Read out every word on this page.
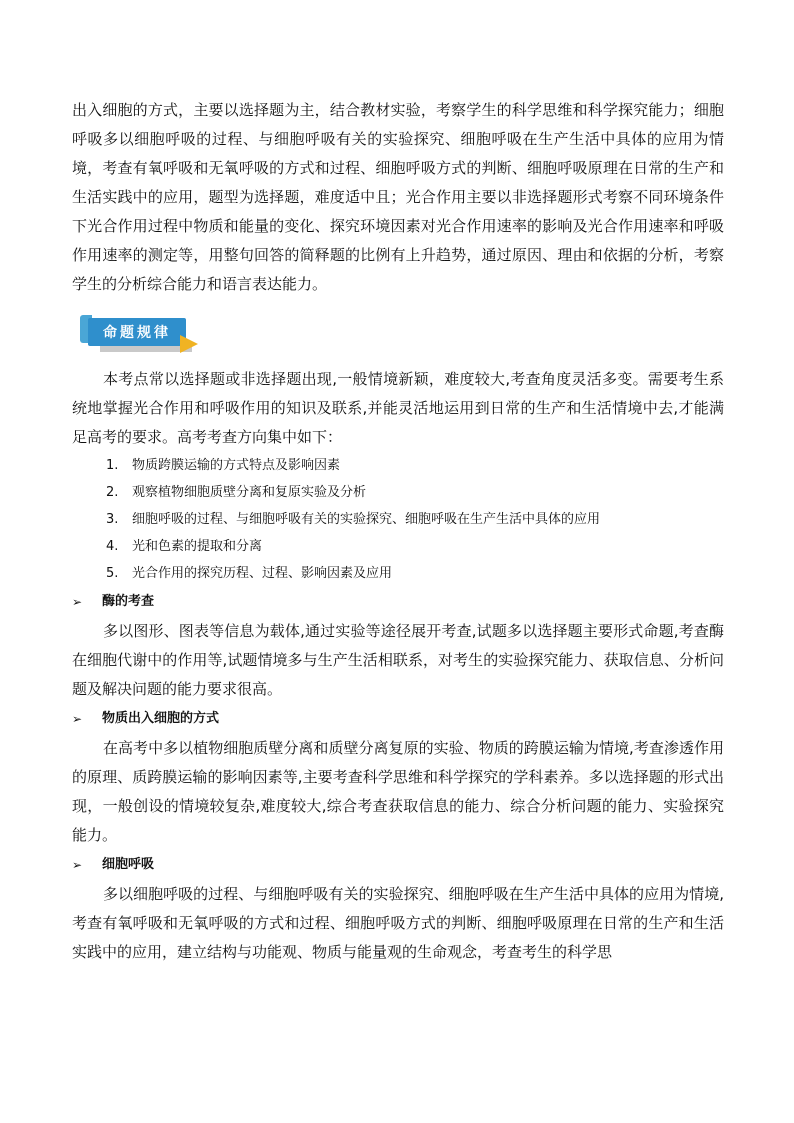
出入细胞的方式，主要以选择题为主，结合教材实验，考察学生的科学思维和科学探究能力；细胞呼吸多以细胞呼吸的过程、与细胞呼吸有关的实验探究、细胞呼吸在生产生活中具体的应用为情境，考查有氧呼吸和无氧呼吸的方式和过程、细胞呼吸方式的判断、细胞呼吸原理在日常的生产和生活实践中的应用，题型为选择题，难度适中且；光合作用主要以非选择题形式考察不同环境条件下光合作用过程中物质和能量的变化、探究环境因素对光合作用速率的影响及光合作用速率和呼吸作用速率的测定等，用整句回答的简释题的比例有上升趋势，通过原因、理由和依据的分析，考察学生的分析综合能力和语言表达能力。

命题规律

本考点常以选择题或非选择题出现,一般情境新颖，难度较大,考查角度灵活多变。需要考生系统地掌握光合作用和呼吸作用的知识及联系,并能灵活地运用到日常的生产和生活情境中去,才能满足高考的要求。高考考查方向集中如下：

1. 物质跨膜运输的方式特点及影响因素
2. 观察植物细胞质壁分离和复原实验及分析
3. 细胞呼吸的过程、与细胞呼吸有关的实验探究、细胞呼吸在生产生活中具体的应用
4. 光和色素的提取和分离
5. 光合作用的探究历程、过程、影响因素及应用

➢ 酶的考查

多以图形、图表等信息为载体,通过实验等途径展开考查,试题多以选择题主要形式命题,考查酶在细胞代谢中的作用等,试题情境多与生产生活相联系，对考生的实验探究能力、获取信息、分析问题及解决问题的能力要求很高。

➢ 物质出入细胞的方式

在高考中多以植物细胞质壁分离和质壁分离复原的实验、物质的跨膜运输为情境,考查渗透作用的原理、质跨膜运输的影响因素等,主要考查科学思维和科学探究的学科素养。多以选择题的形式出现，一般创设的情境较复杂,难度较大,综合考查获取信息的能力、综合分析问题的能力、实验探究能力。

➢ 细胞呼吸

多以细胞呼吸的过程、与细胞呼吸有关的实验探究、细胞呼吸在生产生活中具体的应用为情境,考查有氧呼吸和无氧呼吸的方式和过程、细胞呼吸方式的判断、细胞呼吸原理在日常的生产和生活实践中的应用，建立结构与功能观、物质与能量观的生命观念，考查考生的科学思
